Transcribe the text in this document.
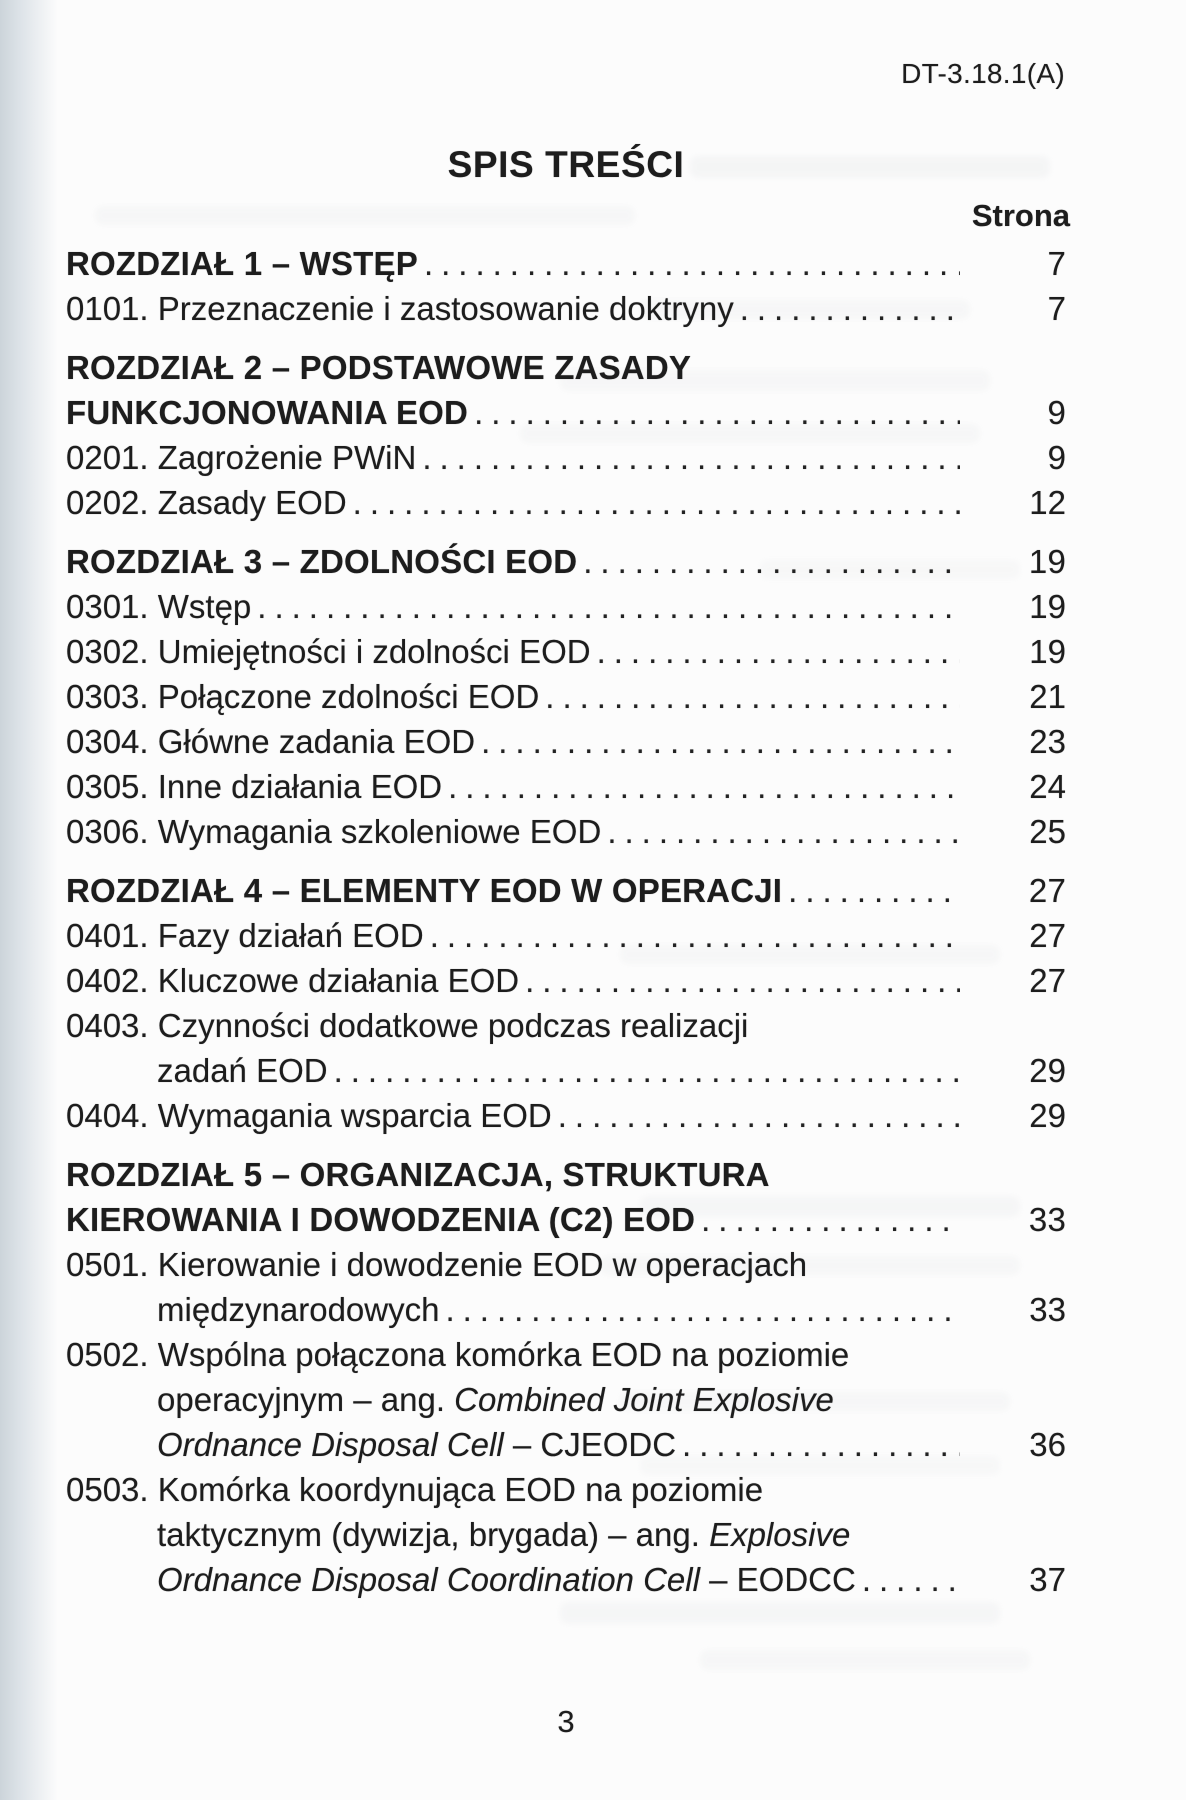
DT-3.18.1(A)
SPIS TREŚCI
Strona
ROZDZIAŁ 1 – WSTĘP .....	7
0101. Przeznaczenie i zastosowanie doktryny .....	7
ROZDZIAŁ 2 – PODSTAWOWE ZASADY
FUNKCJONOWANIA EOD .....	9
0201. Zagrożenie PWiN .....	9
0202. Zasady EOD .....	12
ROZDZIAŁ 3 – ZDOLNOŚCI EOD .....	19
0301. Wstęp .....	19
0302. Umiejętności i zdolności EOD .....	19
0303. Połączone zdolności EOD .....	21
0304. Główne zadania EOD .....	23
0305. Inne działania EOD .....	24
0306. Wymagania szkoleniowe EOD .....	25
ROZDZIAŁ 4 – ELEMENTY EOD W OPERACJI .....	27
0401. Fazy działań EOD .....	27
0402. Kluczowe działania EOD .....	27
0403. Czynności dodatkowe podczas realizacji
zadań EOD .....	29
0404. Wymagania wsparcia EOD .....	29
ROZDZIAŁ 5 – ORGANIZACJA, STRUKTURA
KIEROWANIA I DOWODZENIA (C2) EOD .....	33
0501. Kierowanie i dowodzenie EOD w operacjach
międzynarodowych .....	33
0502. Wspólna połączona komórka EOD na poziomie
operacyjnym – ang. Combined Joint Explosive
Ordnance Disposal Cell – CJEODC .....	36
0503. Komórka koordynująca EOD na poziomie
taktycznym (dywizja, brygada) – ang. Explosive
Ordnance Disposal Coordination Cell – EODCC .....	37
3
